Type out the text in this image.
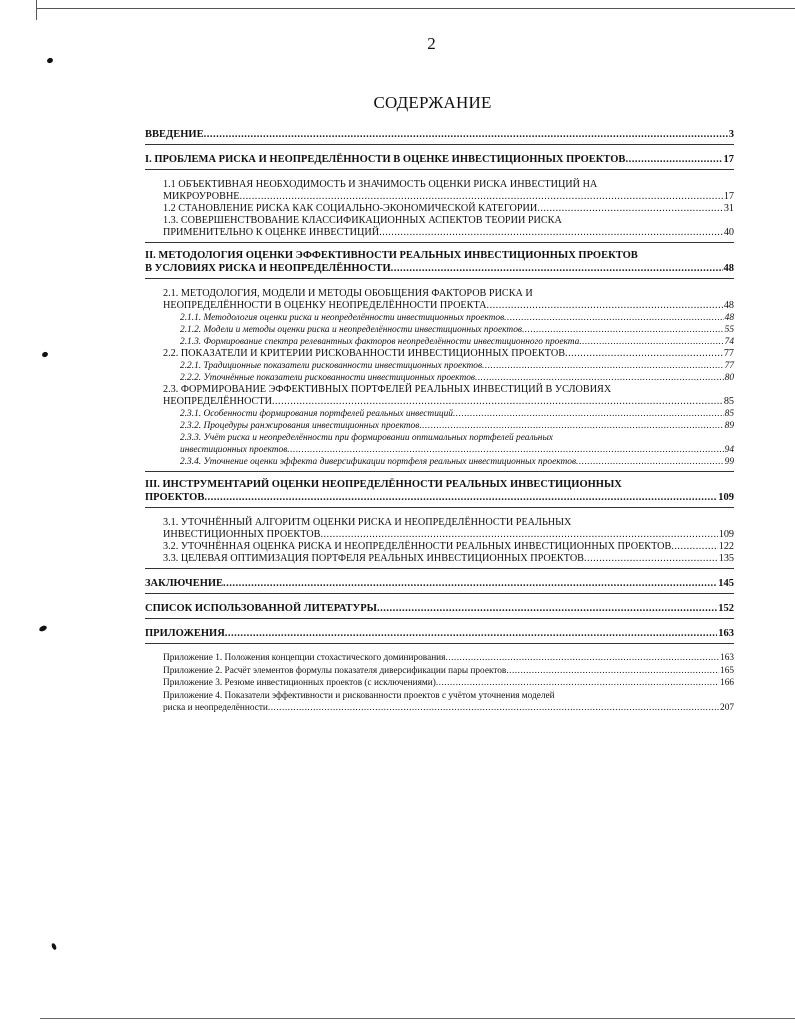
2
СОДЕРЖАНИЕ
ВВЕДЕНИЕ .....	3
I. ПРОБЛЕМА РИСКА И НЕОПРЕДЕЛЁННОСТИ В ОЦЕНКЕ ИНВЕСТИЦИОННЫХ ПРОЕКТОВ .....	17
1.1 ОБЪЕКТИВНАЯ НЕОБХОДИМОСТЬ И ЗНАЧИМОСТЬ ОЦЕНКИ РИСКА ИНВЕСТИЦИЙ НА
МИКРОУРОВНЕ .....	17
1.2 СТАНОВЛЕНИЕ РИСКА КАК СОЦИАЛЬНО-ЭКОНОМИЧЕСКОЙ КАТЕГОРИИ .....	31
1.3. СОВЕРШЕНСТВОВАНИЕ КЛАССИФИКАЦИОННЫХ АСПЕКТОВ ТЕОРИИ РИСКА
ПРИМЕНИТЕЛЬНО К ОЦЕНКЕ ИНВЕСТИЦИЙ .....	40
II. МЕТОДОЛОГИЯ ОЦЕНКИ ЭФФЕКТИВНОСТИ РЕАЛЬНЫХ ИНВЕСТИЦИОННЫХ ПРОЕКТОВ
В УСЛОВИЯХ РИСКА И НЕОПРЕДЕЛЁННОСТИ .....	48
2.1. МЕТОДОЛОГИЯ, МОДЕЛИ И МЕТОДЫ ОБОБЩЕНИЯ ФАКТОРОВ РИСКА И
НЕОПРЕДЕЛЁННОСТИ В ОЦЕНКУ НЕОПРЕДЕЛЁННОСТИ ПРОЕКТА .....	48
2.1.1. Методология оценки риска и неопределённости инвестиционных проектов .....	48
2.1.2. Модели и методы оценки риска и неопределённости инвестиционных проектов .....	55
2.1.3. Формирование спектра релевантных факторов неопределённости инвестиционного проекта .....	74
2.2. ПОКАЗАТЕЛИ И КРИТЕРИИ РИСКОВАННОСТИ ИНВЕСТИЦИОННЫХ ПРОЕКТОВ .....	77
2.2.1. Традиционные показатели рискованности инвестиционных проектов .....	77
2.2.2. Уточнённые показатели рискованности инвестиционных проектов .....	80
2.3. ФОРМИРОВАНИЕ ЭФФЕКТИВНЫХ ПОРТФЕЛЕЙ РЕАЛЬНЫХ ИНВЕСТИЦИЙ В УСЛОВИЯХ
НЕОПРЕДЕЛЁННОСТИ .....	85
2.3.1. Особенности формирования портфелей реальных инвестиций .....	85
2.3.2. Процедуры ранжирования инвестиционных проектов .....	89
2.3.3. Учёт риска и неопределённости при формировании оптимальных портфелей реальных
инвестиционных проектов .....	94
2.3.4. Уточнение оценки эффекта диверсификации портфеля реальных инвестиционных проектов .....	99
III. ИНСТРУМЕНТАРИЙ ОЦЕНКИ НЕОПРЕДЕЛЁННОСТИ РЕАЛЬНЫХ ИНВЕСТИЦИОННЫХ
ПРОЕКТОВ .....	109
3.1. УТОЧНЁННЫЙ АЛГОРИТМ ОЦЕНКИ РИСКА И НЕОПРЕДЕЛЁННОСТИ РЕАЛЬНЫХ
ИНВЕСТИЦИОННЫХ ПРОЕКТОВ .....	109
3.2. УТОЧНЁННАЯ ОЦЕНКА РИСКА И НЕОПРЕДЕЛЁННОСТИ РЕАЛЬНЫХ ИНВЕСТИЦИОННЫХ ПРОЕКТОВ .....	122
3.3. ЦЕЛЕВАЯ ОПТИМИЗАЦИЯ ПОРТФЕЛЯ РЕАЛЬНЫХ ИНВЕСТИЦИОННЫХ ПРОЕКТОВ .....	135
ЗАКЛЮЧЕНИЕ .....	145
СПИСОК ИСПОЛЬЗОВАННОЙ ЛИТЕРАТУРЫ .....	152
ПРИЛОЖЕНИЯ .....	163
Приложение 1. Положения концепции стохастического доминирования .....	163
Приложение 2. Расчёт элементов формулы показателя диверсификации пары проектов .....	165
Приложение 3. Резюме инвестиционных проектов (с исключениями) .....	166
Приложение 4. Показатели эффективности и рискованности проектов с учётом уточнения моделей
риска и неопределённости .....	207
